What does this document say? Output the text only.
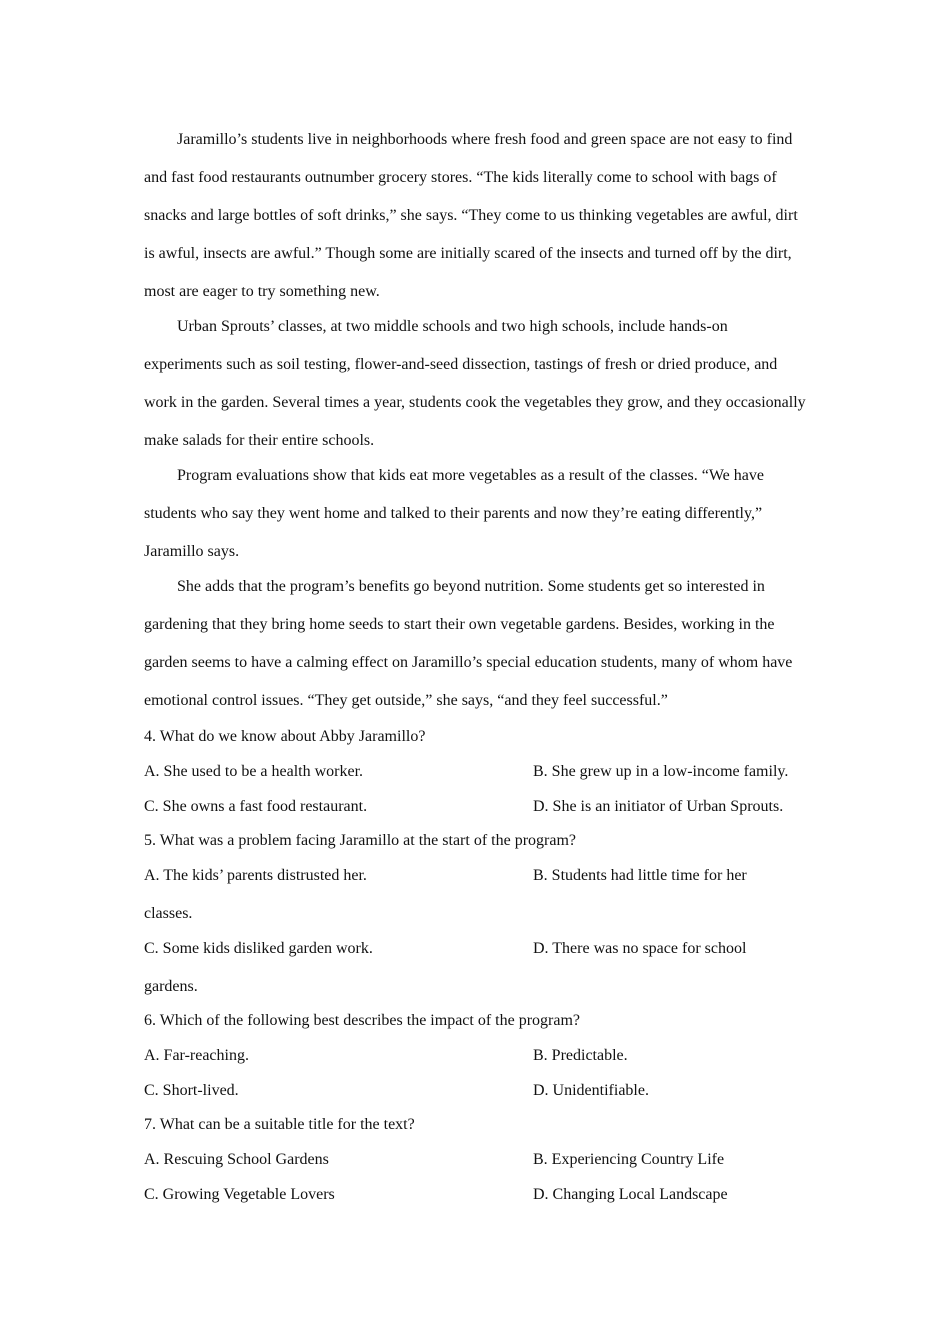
Jaramillo’s students live in neighborhoods where fresh food and green space are not easy to find and fast food restaurants outnumber grocery stores. “The kids literally come to school with bags of snacks and large bottles of soft drinks,” she says. “They come to us thinking vegetables are awful, dirt is awful, insects are awful.” Though some are initially scared of the insects and turned off by the dirt, most are eager to try something new.

Urban Sprouts’ classes, at two middle schools and two high schools, include hands-on experiments such as soil testing, flower-and-seed dissection, tastings of fresh or dried produce, and work in the garden. Several times a year, students cook the vegetables they grow, and they occasionally make salads for their entire schools.

Program evaluations show that kids eat more vegetables as a result of the classes. “We have students who say they went home and talked to their parents and now they’re eating differently,” Jaramillo says.

She adds that the program’s benefits go beyond nutrition. Some students get so interested in gardening that they bring home seeds to start their own vegetable gardens. Besides, working in the garden seems to have a calming effect on Jaramillo’s special education students, many of whom have emotional control issues. “They get outside,” she says, “and they feel successful.”

4. What do we know about Abby Jaramillo?

A. She used to be a health worker.	B. She grew up in a low-income family.
C. She owns a fast food restaurant.	D. She is an initiator of Urban Sprouts.

5. What was a problem facing Jaramillo at the start of the program?

A. The kids’ parents distrusted her.	B. Students had little time for her
classes.
C. Some kids disliked garden work.	D. There was no space for school
gardens.

6. Which of the following best describes the impact of the program?

A. Far-reaching.	B. Predictable.
C. Short-lived.	D. Unidentifiable.

7. What can be a suitable title for the text?

A. Rescuing School Gardens	B. Experiencing Country Life
C. Growing Vegetable Lovers	D. Changing Local Landscape
